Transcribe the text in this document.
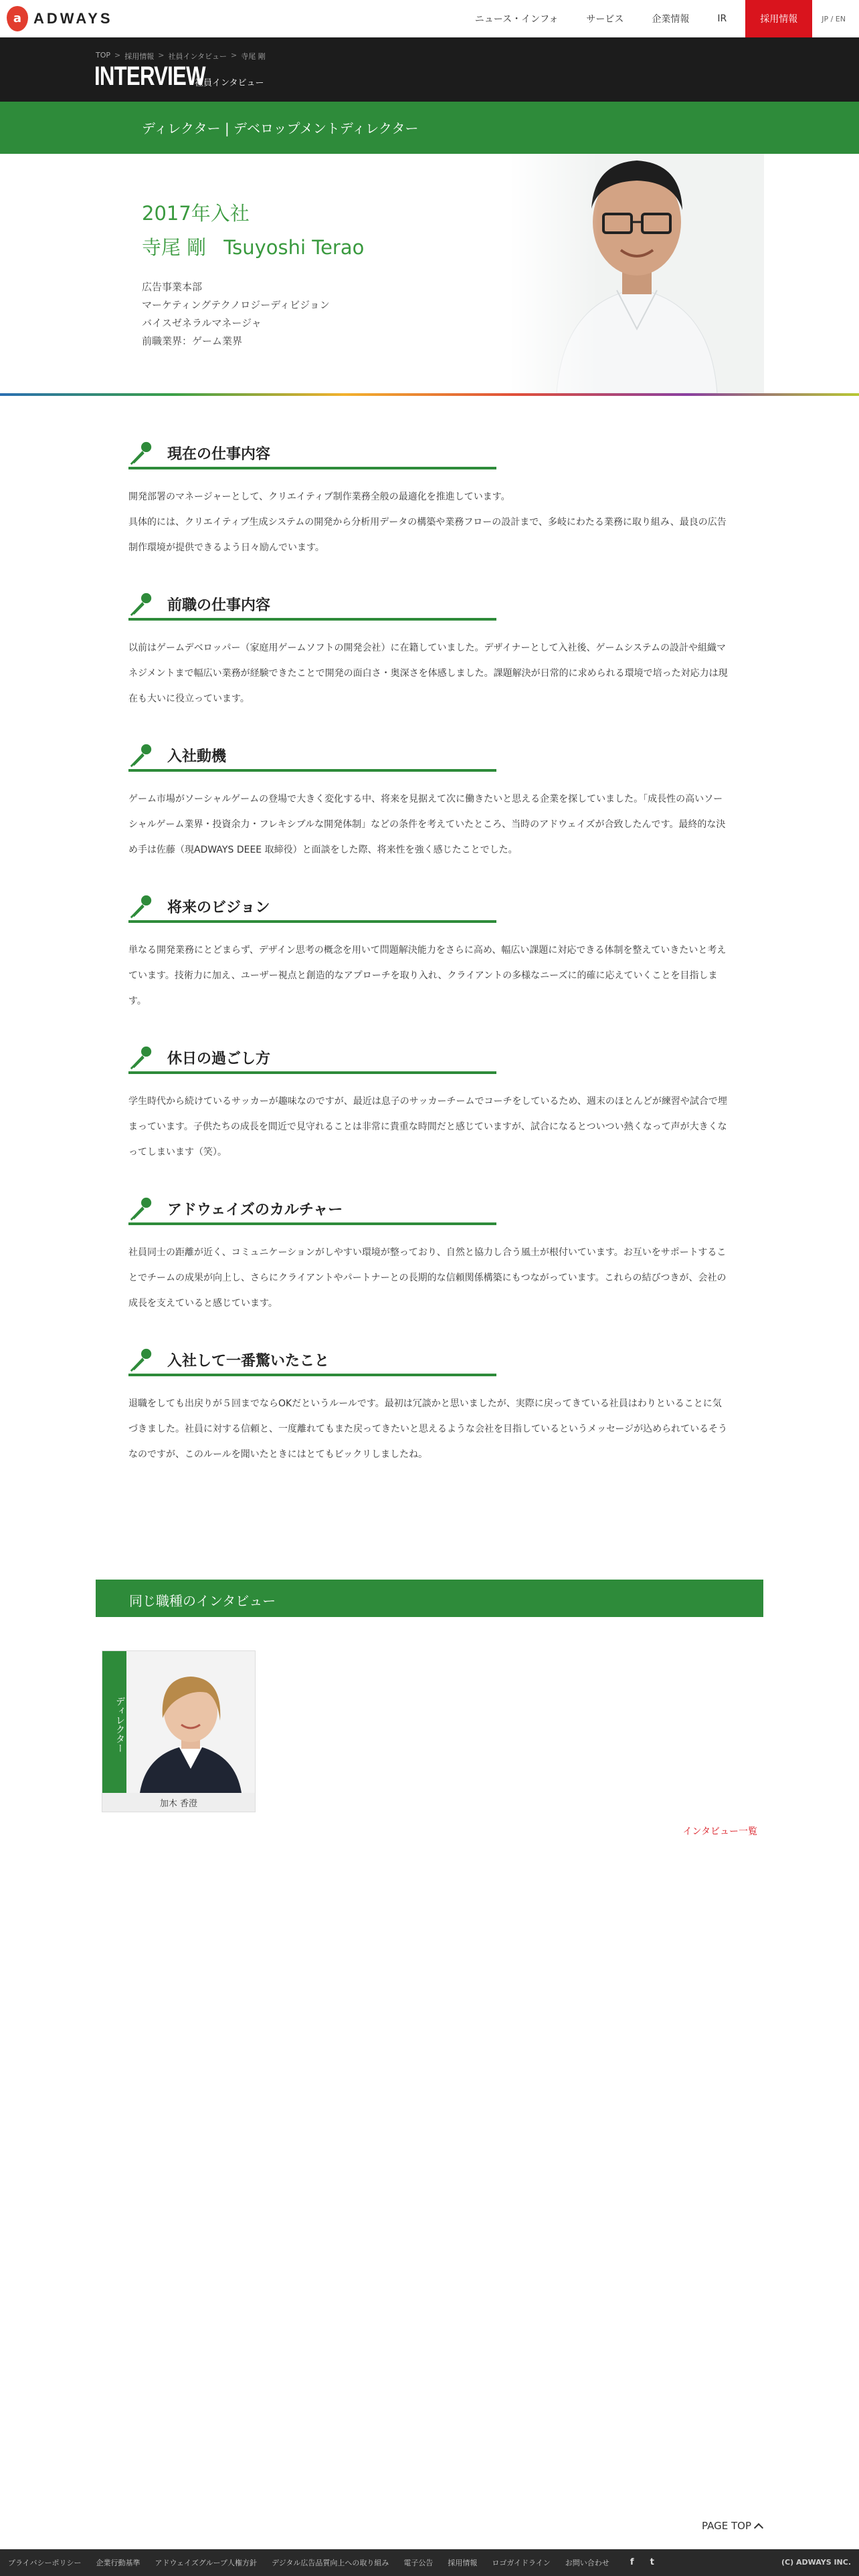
a ADWAYS	ニュース・インフォ	サービス	企業情報	IR	採用情報	JP / EN
TOP > 採用情報 > 社員インタビュー > 寺尾 剛
INTERVIEW
社員インタビュー
ディレクター | デベロップメントディレクター
2017年入社
寺尾 剛 Tsuyoshi Terao
広告事業本部
マーケティングテクノロジーディビジョン
バイスゼネラルマネージャ
前職業界：ゲーム業界
現在の仕事内容

開発部署のマネージャーとして、クリエイティブ制作業務全般の最適化を推進しています。
具体的には、クリエイティブ生成システムの開発から分析用データの構築や業務フローの設計まで、多岐にわたる業務に取り組み、最良の広告制作環境が提供できるよう日々励んでいます。

前職の仕事内容

以前はゲームデベロッパー（家庭用ゲームソフトの開発会社）に在籍していました。デザイナーとして入社後、ゲームシステムの設計や組織マネジメントまで幅広い業務が経験できたことで開発の面白さ・奥深さを体感しました。課題解決が日常的に求められる環境で培った対応力は現在も大いに役立っています。

入社動機

ゲーム市場がソーシャルゲームの登場で大きく変化する中、将来を見据えて次に働きたいと思える企業を探していました。「成長性の高いソーシャルゲーム業界・投資余力・フレキシブルな開発体制」などの条件を考えていたところ、当時のアドウェイズが合致したんです。最終的な決め手は佐藤（現ADWAYS DEEE 取締役）と面談をした際、将来性を強く感じたことでした。

将来のビジョン

単なる開発業務にとどまらず、デザイン思考の概念を用いて問題解決能力をさらに高め、幅広い課題に対応できる体制を整えていきたいと考えています。技術力に加え、ユーザー視点と創造的なアプローチを取り入れ、クライアントの多様なニーズに的確に応えていくことを目指します。

休日の過ごし方

学生時代から続けているサッカーが趣味なのですが、最近は息子のサッカーチームでコーチをしているため、週末のほとんどが練習や試合で埋まっています。子供たちの成長を間近で見守れることは非常に貴重な時間だと感じていますが、試合になるとついつい熱くなって声が大きくなってしまいます（笑）。

アドウェイズのカルチャー

社員同士の距離が近く、コミュニケーションがしやすい環境が整っており、自然と協力し合う風土が根付いています。お互いをサポートすることでチームの成果が向上し、さらにクライアントやパートナーとの長期的な信頼関係構築にもつながっています。これらの結びつきが、会社の成長を支えていると感じています。

入社して一番驚いたこと

退職をしても出戻りが５回までならOKだというルールです。最初は冗談かと思いましたが、実際に戻ってきている社員はわりといることに気づきました。社員に対する信頼と、一度離れてもまた戻ってきたいと思えるような会社を目指しているというメッセージが込められているそうなのですが、このルールを聞いたときにはとてもビックリしましたね。

同じ職種のインタビュー
ディレクター
加木 香澄
インタビュー一覧
PAGE TOP
プライバシーポリシー 企業行動基準 アドウェイズグループ人権方針 デジタル広告品質向上への取り組み 電子公告 採用情報 ロゴガイドライン お問い合わせ	f	t	(C) ADWAYS INC.
